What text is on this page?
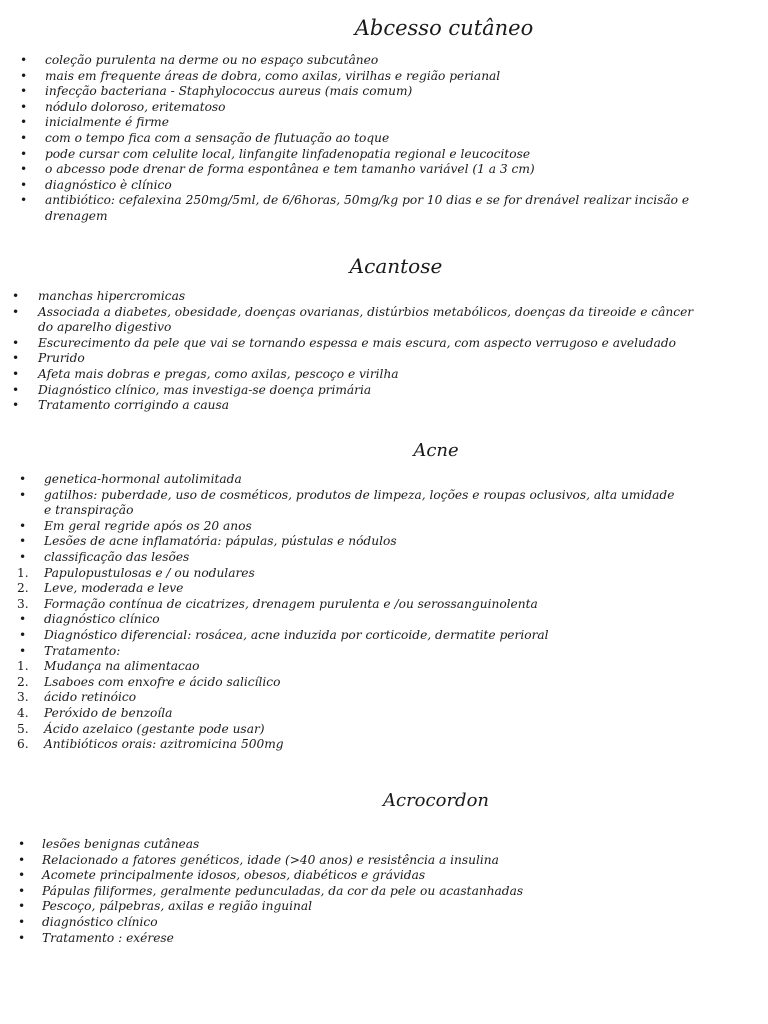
Abcesso cutâneo
• coleção purulenta na derme ou no espaço subcutâneo
• mais em frequente áreas de dobra, como axilas, virilhas e região perianal
• infecção bacteriana - Staphylococcus aureus (mais comum)
• nódulo doloroso, eritematoso
• inicialmente é firme
• com o tempo fica com a sensação de flutuação ao toque
• pode cursar com celulite local, linfangite linfadenopatia regional e leucocitose
• o abcesso pode drenar de forma espontânea e tem tamanho variável (1 a 3 cm)
• diagnóstico è clínico
• antibiótico: cefalexina 250mg/5ml, de 6/6horas, 50mg/kg por 10 dias e se for drenável realizar incisão e drenagem
Acantose
• manchas hipercromicas
• Associada a diabetes, obesidade, doenças ovarianas, distúrbios metabólicos, doenças da tireoide e câncer do aparelho digestivo
• Escurecimento da pele que vai se tornando espessa e mais escura, com aspecto verrugoso e aveludado
• Prurido
• Afeta mais dobras e pregas, como axilas, pescoço e virilha
• Diagnóstico clínico, mas investiga-se doença primária
• Tratamento corrigindo a causa
Acne
• genetica-hormonal autolimitada
• gatilhos: puberdade, uso de cosméticos, produtos de limpeza, loções e roupas oclusivos, alta umidade e transpiração
• Em geral regride após os 20 anos
• Lesões de acne inflamatória: pápulas, pústulas e nódulos
• classificação das lesões
1. Papulopustulosas e / ou nodulares
2. Leve, moderada e leve
3. Formação contínua de cicatrizes, drenagem purulenta e /ou serossanguinolenta
• diagnóstico clínico
• Diagnóstico diferencial: rosácea, acne induzida por corticoide, dermatite perioral
• Tratamento:
1. Mudança na alimentacao
2. Lsaboes com enxofre e ácido salicílico
3. ácido retinóico
4. Peróxido de benzoíla
5. Ácido azelaico (gestante pode usar)
6. Antibióticos orais: azitromicina 500mg
Acrocordon
• lesões benignas cutâneas
• Relacionado a fatores genéticos, idade (>40 anos) e resistência a insulina
• Acomete principalmente idosos, obesos, diabéticos e grávidas
• Pápulas filiformes, geralmente pedunculadas, da cor da pele ou acastanhadas
• Pescoço, pálpebras, axilas e região inguinal
• diagnóstico clínico
• Tratamento : exérese
